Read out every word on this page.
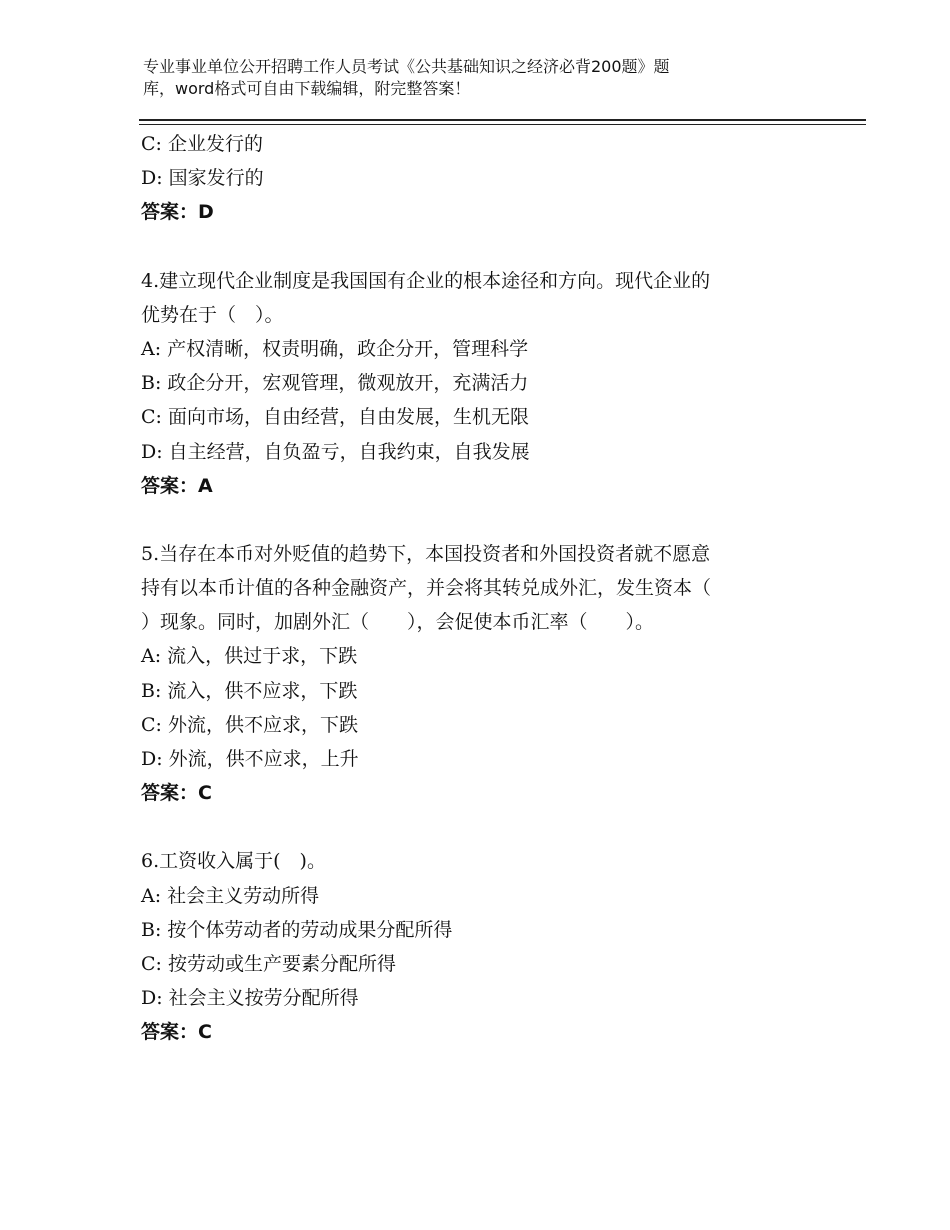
专业事业单位公开招聘工作人员考试《公共基础知识之经济必背200题》题
库，word格式可自由下载编辑，附完整答案！
C: 企业发行的
D: 国家发行的
答案：D
4.建立现代企业制度是我国国有企业的根本途径和方向。现代企业的
优势在于（　）。
A: 产权清晰，权责明确，政企分开，管理科学
B: 政企分开，宏观管理，微观放开，充满活力
C: 面向市场，自由经营，自由发展，生机无限
D: 自主经营，自负盈亏，自我约束，自我发展
答案：A
5.当存在本币对外贬值的趋势下，本国投资者和外国投资者就不愿意
持有以本币计值的各种金融资产，并会将其转兑成外汇，发生资本（
）现象。同时，加剧外汇（　　），会促使本币汇率（　　）。
A: 流入，供过于求，下跌
B: 流入，供不应求，下跌
C: 外流，供不应求，下跌
D: 外流，供不应求，上升
答案：C
6.工资收入属于(　)。
A: 社会主义劳动所得
B: 按个体劳动者的劳动成果分配所得
C: 按劳动或生产要素分配所得
D: 社会主义按劳分配所得
答案：C
